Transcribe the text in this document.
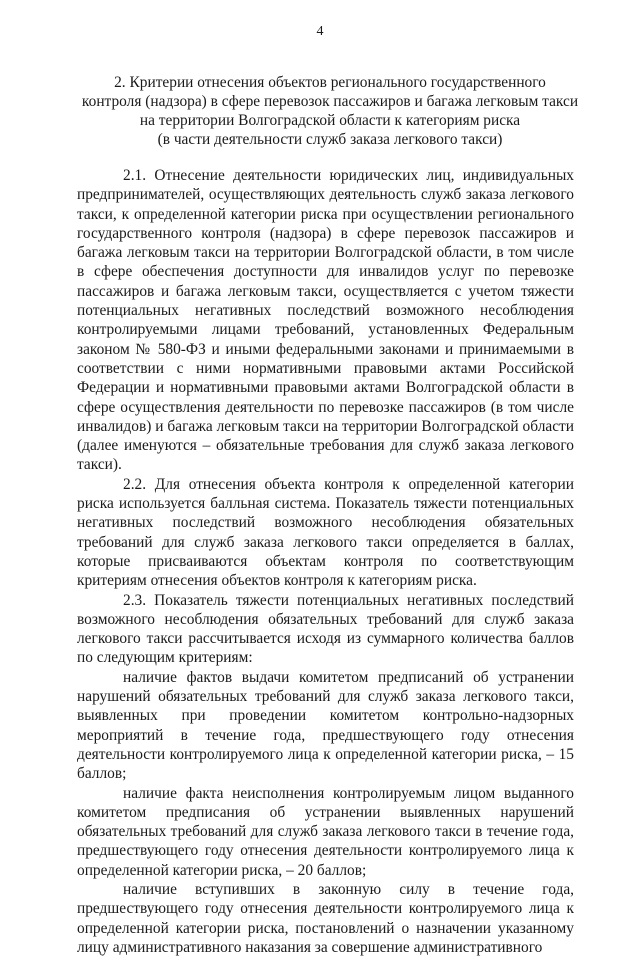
4
2. Критерии отнесения объектов регионального государственного
контроля (надзора) в сфере перевозок пассажиров и багажа легковым такси
на территории Волгоградской области к категориям риска
(в части деятельности служб заказа легкового такси)

2.1. Отнесение деятельности юридических лиц, индивидуальных предпринимателей, осуществляющих деятельность служб заказа легкового такси, к определенной категории риска при осуществлении регионального государственного контроля (надзора) в сфере перевозок пассажиров и багажа легковым такси на территории Волгоградской области, в том числе в сфере обеспечения доступности для инвалидов услуг по перевозке пассажиров и багажа легковым такси, осуществляется с учетом тяжести потенциальных негативных последствий возможного несоблюдения контролируемыми лицами требований, установленных Федеральным законом № 580-ФЗ и иными федеральными законами и принимаемыми в соответствии с ними нормативными правовыми актами Российской Федерации и нормативными правовыми актами Волгоградской области в сфере осуществления деятельности по перевозке пассажиров (в том числе инвалидов) и багажа легковым такси на территории Волгоградской области (далее именуются – обязательные требования для служб заказа легкового такси).

2.2. Для отнесения объекта контроля к определенной категории риска используется балльная система. Показатель тяжести потенциальных негативных последствий возможного несоблюдения обязательных требований для служб заказа легкового такси определяется в баллах, которые присваиваются объектам контроля по соответствующим критериям отнесения объектов контроля к категориям риска.

2.3. Показатель тяжести потенциальных негативных последствий возможного несоблюдения обязательных требований для служб заказа легкового такси рассчитывается исходя из суммарного количества баллов по следующим критериям:

наличие фактов выдачи комитетом предписаний об устранении нарушений обязательных требований для служб заказа легкового такси, выявленных при проведении комитетом контрольно-надзорных мероприятий в течение года, предшествующего году отнесения деятельности контролируемого лица к определенной категории риска, – 15 баллов;

наличие факта неисполнения контролируемым лицом выданного комитетом предписания об устранении выявленных нарушений обязательных требований для служб заказа легкового такси в течение года, предшествующего году отнесения деятельности контролируемого лица к определенной категории риска, – 20 баллов;

наличие вступивших в законную силу в течение года, предшествующего году отнесения деятельности контролируемого лица к определенной категории риска, постановлений о назначении указанному лицу административного наказания за совершение административного
